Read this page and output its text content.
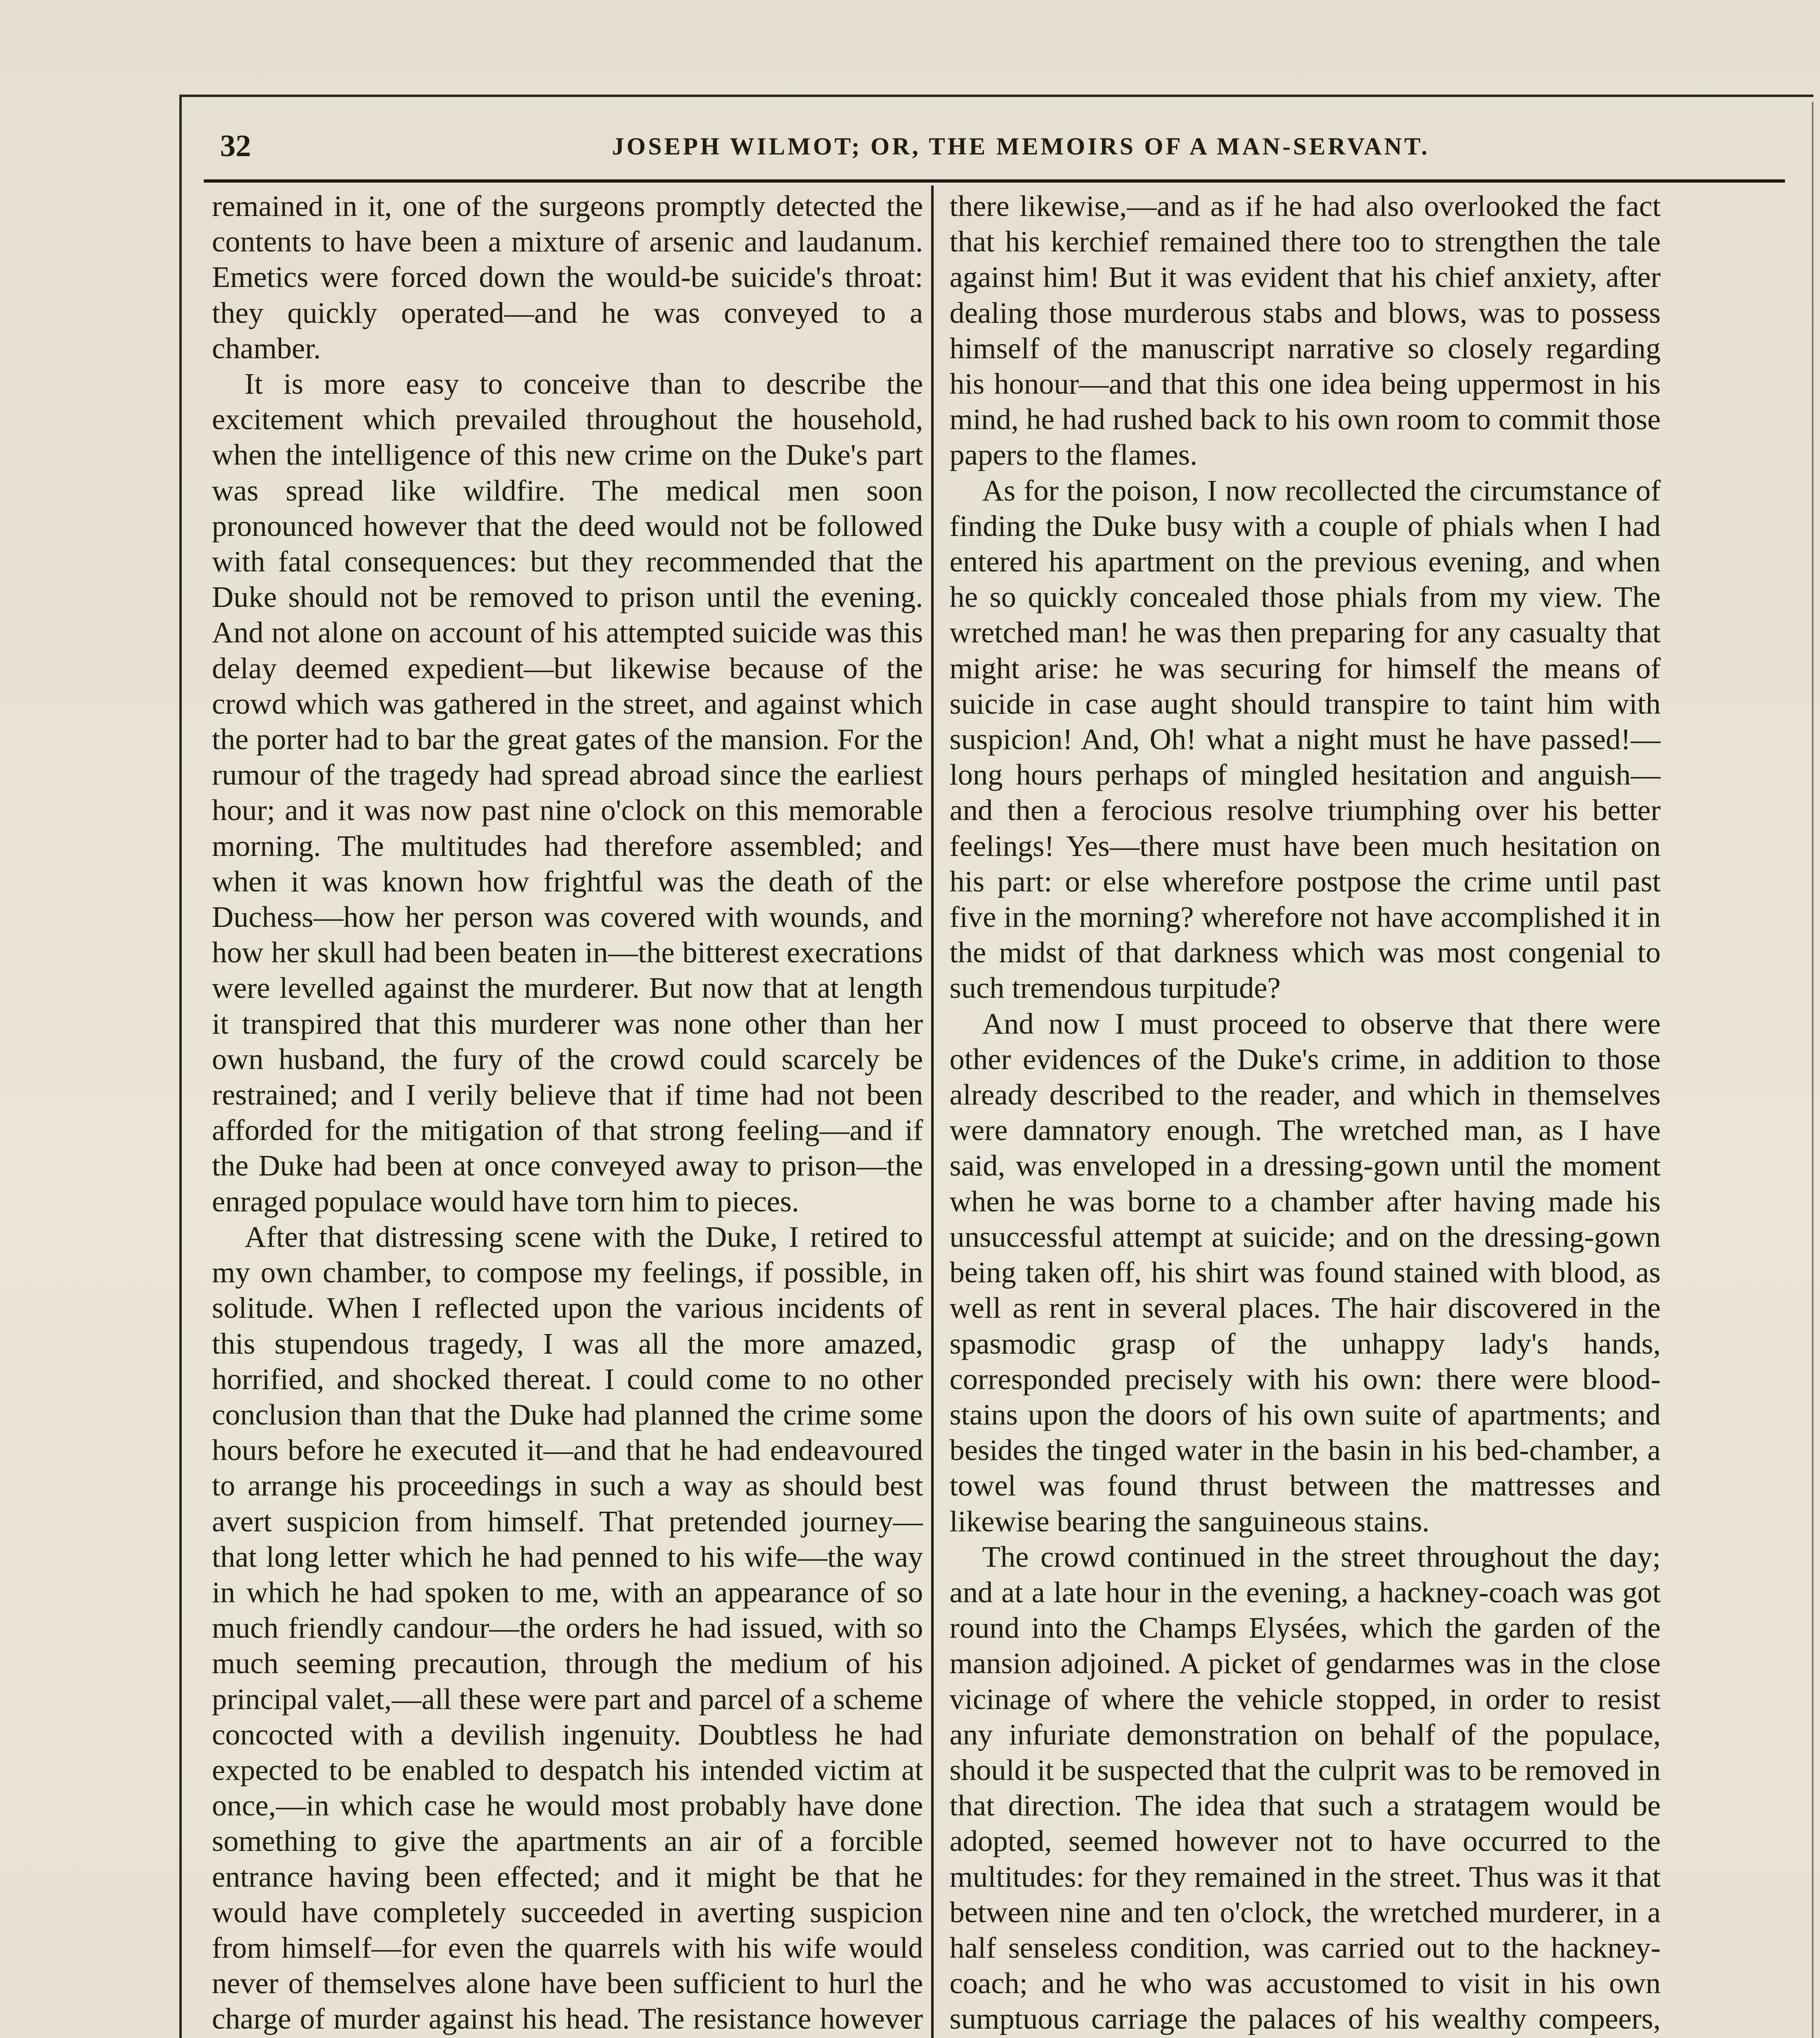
32	JOSEPH WILMOT; OR, THE MEMOIRS OF A MAN-SERVANT.

remained in it, one of the surgeons promptly detected the contents to have been a mixture of arsenic and laudanum. Emetics were forced down the would-be suicide's throat: they quickly operated—and he was conveyed to a chamber.

It is more easy to conceive than to describe the excitement which prevailed throughout the household, when the intelligence of this new crime on the Duke's part was spread like wildfire. The medical men soon pronounced however that the deed would not be followed with fatal consequences: but they recommended that the Duke should not be removed to prison until the evening. And not alone on account of his attempted suicide was this delay deemed expedient—but likewise because of the crowd which was gathered in the street, and against which the porter had to bar the great gates of the mansion. For the rumour of the tragedy had spread abroad since the earliest hour; and it was now past nine o'clock on this memorable morning. The multitudes had therefore assembled; and when it was known how frightful was the death of the Duchess—how her person was covered with wounds, and how her skull had been beaten in—the bitterest execrations were levelled against the murderer. But now that at length it transpired that this murderer was none other than her own husband, the fury of the crowd could scarcely be restrained; and I verily believe that if time had not been afforded for the mitigation of that strong feeling—and if the Duke had been at once conveyed away to prison—the enraged populace would have torn him to pieces.

After that distressing scene with the Duke, I retired to my own chamber, to compose my feelings, if possible, in solitude. When I reflected upon the various incidents of this stupendous tragedy, I was all the more amazed, horrified, and shocked thereat. I could come to no other conclusion than that the Duke had planned the crime some hours before he executed it—and that he had endeavoured to arrange his proceedings in such a way as should best avert suspicion from himself. That pretended journey—that long letter which he had penned to his wife—the way in which he had spoken to me, with an appearance of so much friendly candour—the orders he had issued, with so much seeming precaution, through the medium of his principal valet,—all these were part and parcel of a scheme concocted with a devilish ingenuity. Doubtless he had expected to be enabled to despatch his intended victim at once,—in which case he would most probably have done something to give the apartments an air of a forcible entrance having been effected; and it might be that he would have completely succeeded in averting suspicion from himself—for even the quarrels with his wife would never of themselves alone have been sufficient to hurl the charge of murder against his head. The resistance however

there likewise,—and as if he had also overlooked the fact that his kerchief remained there too to strengthen the tale against him! But it was evident that his chief anxiety, after dealing those murderous stabs and blows, was to possess himself of the manuscript narrative so closely regarding his honour—and that this one idea being uppermost in his mind, he had rushed back to his own room to commit those papers to the flames.

As for the poison, I now recollected the circumstance of finding the Duke busy with a couple of phials when I had entered his apartment on the previous evening, and when he so quickly concealed those phials from my view. The wretched man! he was then preparing for any casualty that might arise: he was securing for himself the means of suicide in case aught should transpire to taint him with suspicion! And, Oh! what a night must he have passed!—long hours perhaps of mingled hesitation and anguish—and then a ferocious resolve triumphing over his better feelings! Yes—there must have been much hesitation on his part: or else wherefore postpose the crime until past five in the morning? wherefore not have accomplished it in the midst of that darkness which was most congenial to such tremendous turpitude?

And now I must proceed to observe that there were other evidences of the Duke's crime, in addition to those already described to the reader, and which in themselves were damnatory enough. The wretched man, as I have said, was enveloped in a dressing-gown until the moment when he was borne to a chamber after having made his unsuccessful attempt at suicide; and on the dressing-gown being taken off, his shirt was found stained with blood, as well as rent in several places. The hair discovered in the spasmodic grasp of the unhappy lady's hands, corresponded precisely with his own: there were blood-stains upon the doors of his own suite of apartments; and besides the tinged water in the basin in his bed-chamber, a towel was found thrust between the mattresses and likewise bearing the sanguineous stains.

The crowd continued in the street throughout the day; and at a late hour in the evening, a hackney-coach was got round into the Champs Elysées, which the garden of the mansion adjoined. A picket of gendarmes was in the close vicinage of where the vehicle stopped, in order to resist any infuriate demonstration on behalf of the populace, should it be suspected that the culprit was to be removed in that direction. The idea that such a stratagem would be adopted, seemed however not to have occurred to the multitudes: for they remained in the street. Thus was it that between nine and ten o'clock, the wretched murderer, in a half senseless condition, was carried out to the hackney-coach; and he who was accustomed to visit in his own sumptuous carriage the palaces of his wealthy compeers,
